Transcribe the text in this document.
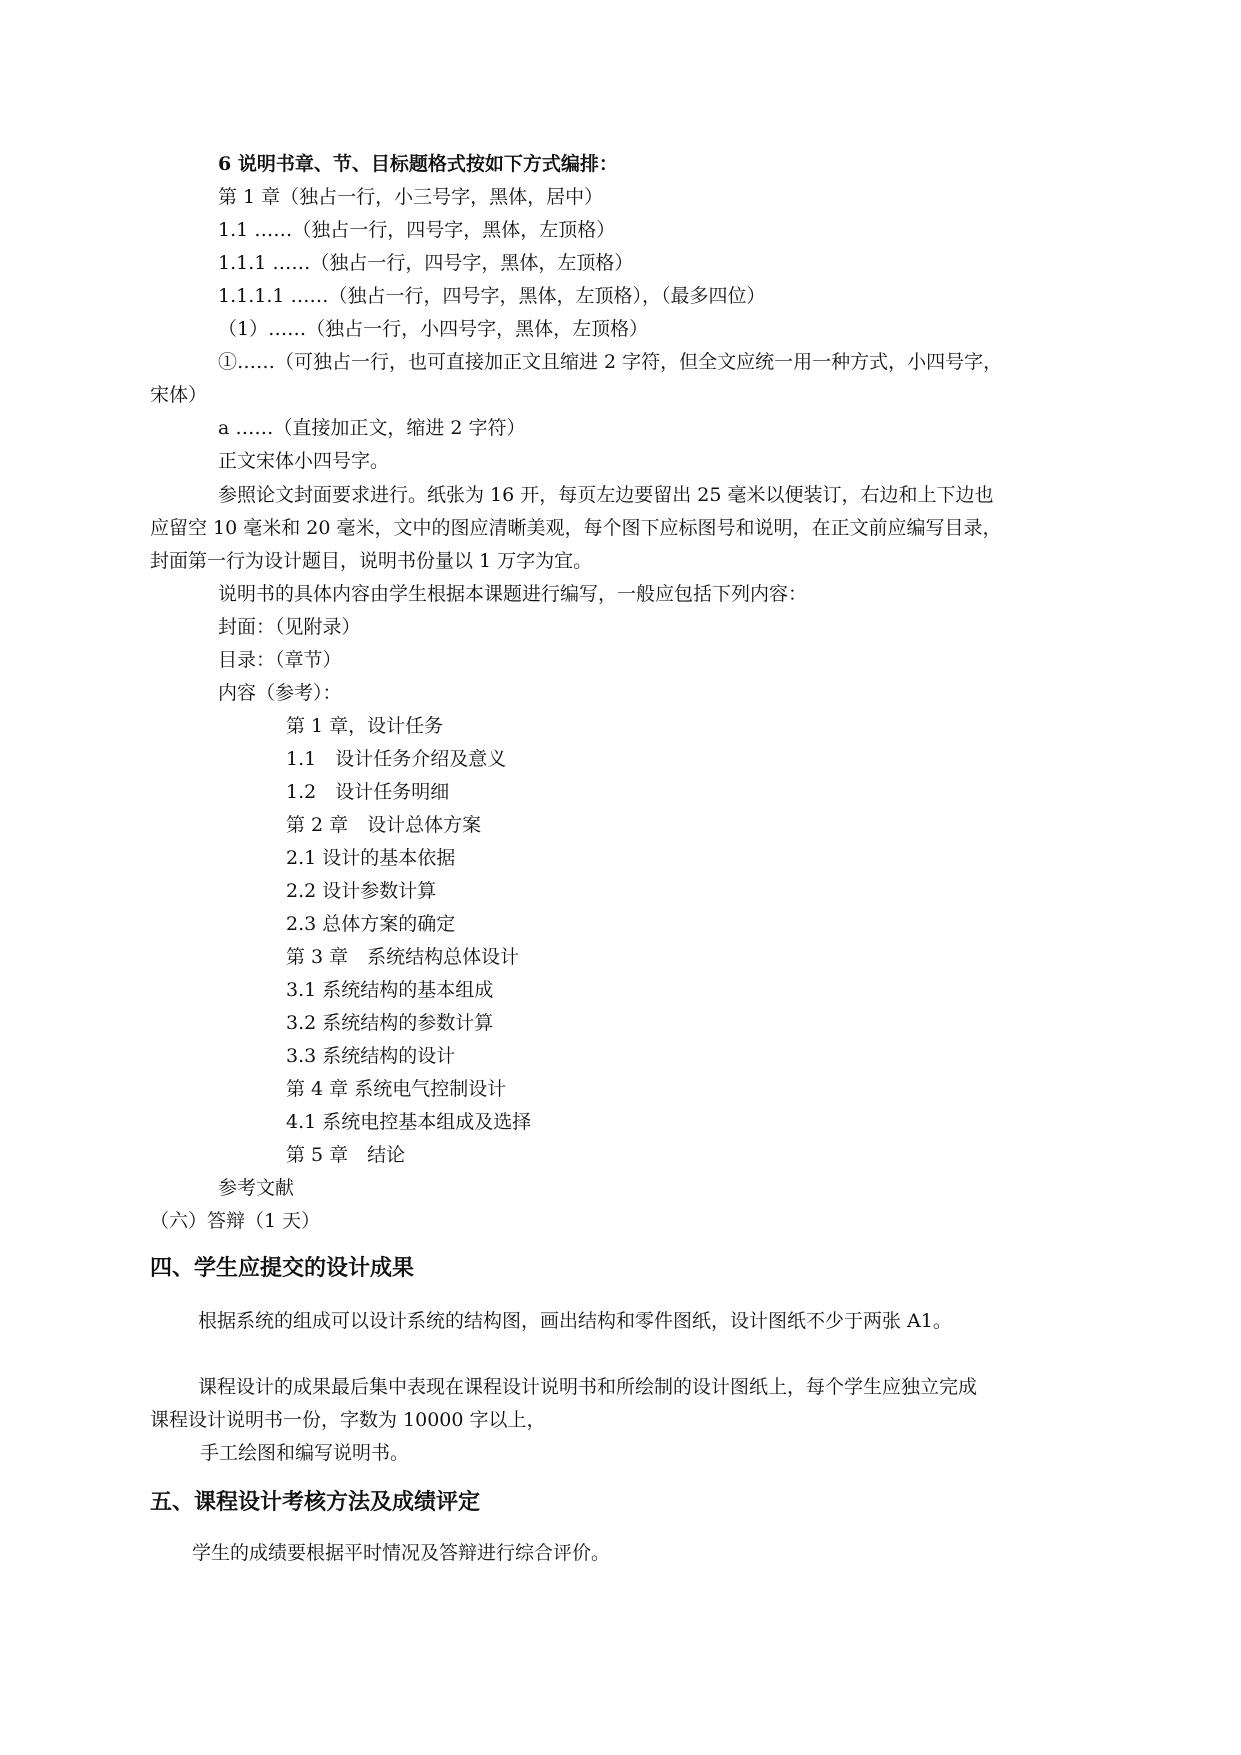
6 说明书章、节、目标题格式按如下方式编排：
第 1 章（独占一行，小三号字，黑体，居中）
1.1 ……（独占一行，四号字，黑体，左顶格）
1.1.1 ……（独占一行，四号字，黑体，左顶格）
1.1.1.1 ……（独占一行，四号字，黑体，左顶格），（最多四位）
（1）……（独占一行，小四号字，黑体，左顶格）
①……（可独占一行，也可直接加正文且缩进 2 字符，但全文应统一用一种方式，小四号字，
宋体）
a ……（直接加正文，缩进 2 字符）
正文宋体小四号字。
参照论文封面要求进行。纸张为 16 开，每页左边要留出 25 毫米以便装订，右边和上下边也
应留空 10 毫米和 20 毫米，文中的图应清晰美观，每个图下应标图号和说明，在正文前应编写目录，
封面第一行为设计题目，说明书份量以 1 万字为宜。
说明书的具体内容由学生根据本课题进行编写，一般应包括下列内容：
封面：（见附录）
目录：（章节）
内容（参考）：
第 1 章，设计任务
1.1　设计任务介绍及意义
1.2　设计任务明细
第 2 章　设计总体方案
2.1 设计的基本依据
2.2 设计参数计算
2.3 总体方案的确定
第 3 章　系统结构总体设计
3.1 系统结构的基本组成
3.2 系统结构的参数计算
3.3 系统结构的设计
第 4 章 系统电气控制设计
4.1 系统电控基本组成及选择
第 5 章　结论
参考文献
（六）答辩（1 天）
四、学生应提交的设计成果
根据系统的组成可以设计系统的结构图，画出结构和零件图纸，设计图纸不少于两张 A1。
课程设计的成果最后集中表现在课程设计说明书和所绘制的设计图纸上，每个学生应独立完成
课程设计说明书一份，字数为 10000 字以上，
手工绘图和编写说明书。
五、课程设计考核方法及成绩评定
学生的成绩要根据平时情况及答辩进行综合评价。
